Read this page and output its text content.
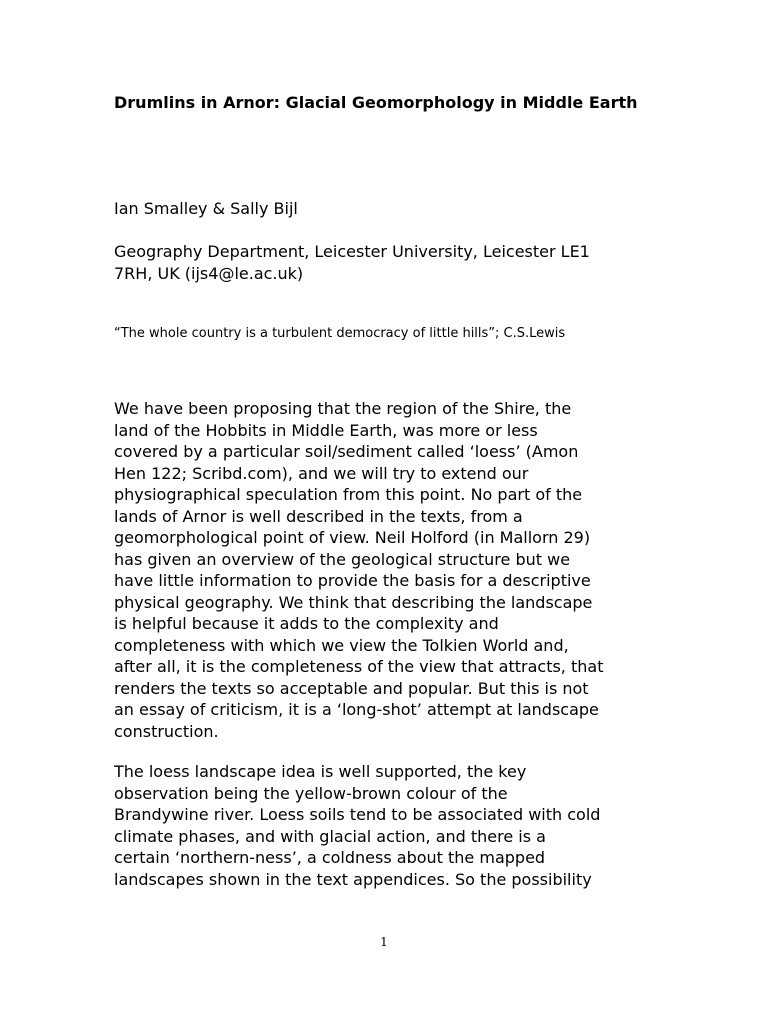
Drumlins in Arnor: Glacial Geomorphology in Middle Earth

Ian Smalley & Sally Bijl

Geography Department, Leicester University, Leicester LE1
7RH, UK (ijs4@le.ac.uk)

“The whole country is a turbulent democracy of little hills”; C.S.Lewis

We have been proposing that the region of the Shire, the
land of the Hobbits in Middle Earth, was more or less
covered by a particular soil/sediment called ‘loess’ (Amon
Hen 122; Scribd.com), and we will try to extend our
physiographical speculation from this point. No part of the
lands of Arnor is well described in the texts, from a
geomorphological point of view. Neil Holford (in Mallorn 29)
has given an overview of the geological structure but we
have little information to provide the basis for a descriptive
physical geography. We think that describing the landscape
is helpful because it adds to the complexity and
completeness with which we view the Tolkien World and,
after all, it is the completeness of the view that attracts, that
renders the texts so acceptable and popular. But this is not
an essay of criticism, it is a ‘long-shot’ attempt at landscape
construction.

The loess landscape idea is well supported, the key
observation being the yellow-brown colour of the
Brandywine river. Loess soils tend to be associated with cold
climate phases, and with glacial action, and there is a
certain ‘northern-ness’, a coldness about the mapped
landscapes shown in the text appendices. So the possibility

1
